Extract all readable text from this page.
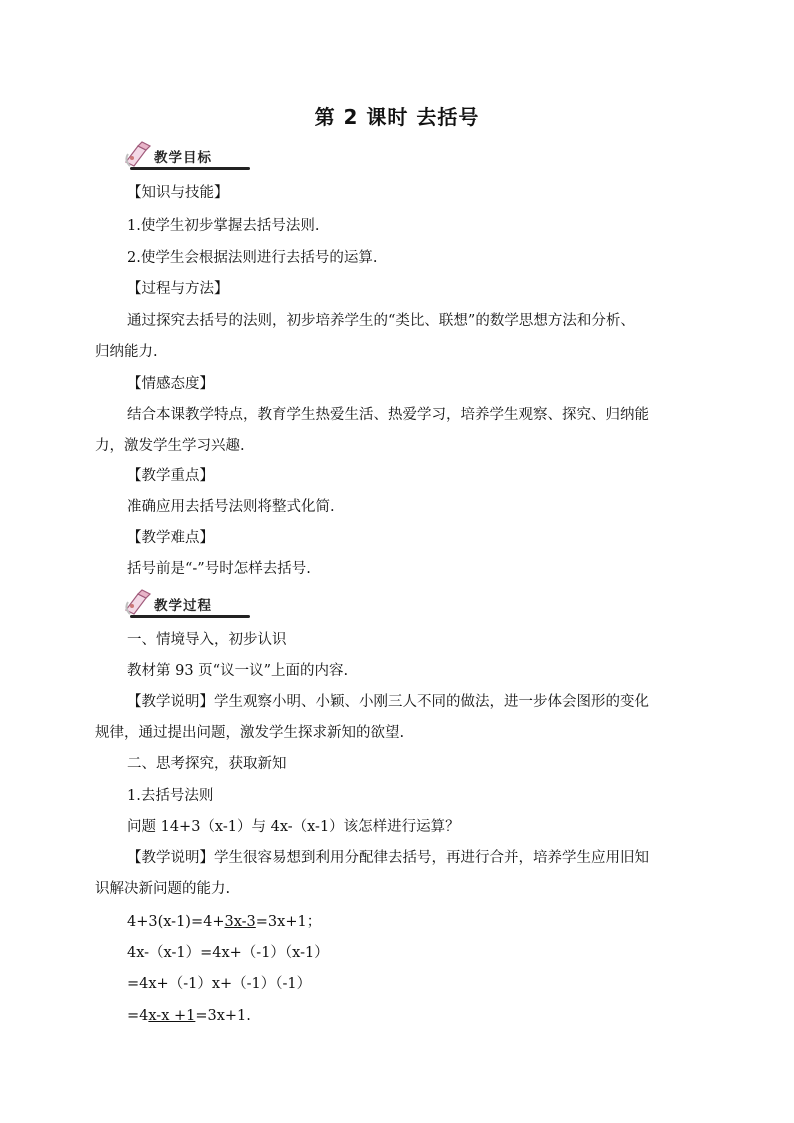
第 2 课时 去括号
教学目标
【知识与技能】
1.使学生初步掌握去括号法则.
2.使学生会根据法则进行去括号的运算.
【过程与方法】
通过探究去括号的法则，初步培养学生的“类比、联想”的数学思想方法和分析、
归纳能力.
【情感态度】
结合本课教学特点，教育学生热爱生活、热爱学习，培养学生观察、探究、归纳能
力，激发学生学习兴趣.
【教学重点】
准确应用去括号法则将整式化简.
【教学难点】
括号前是“-”号时怎样去括号.
教学过程
一、情境导入，初步认识
教材第 93 页“议一议”上面的内容.
【教学说明】学生观察小明、小颖、小刚三人不同的做法，进一步体会图形的变化
规律，通过提出问题，激发学生探求新知的欲望.
二、思考探究，获取新知
1.去括号法则
问题 14+3（x-1）与 4x-（x-1）该怎样进行运算？
【教学说明】学生很容易想到利用分配律去括号，再进行合并，培养学生应用旧知
识解决新问题的能力.
4+3(x-1)=4+3x-3=3x+1；
4x-（x-1）=4x+（-1）（x-1）
=4x+（-1）x+（-1）（-1）
=4x-x +1=3x+1.
